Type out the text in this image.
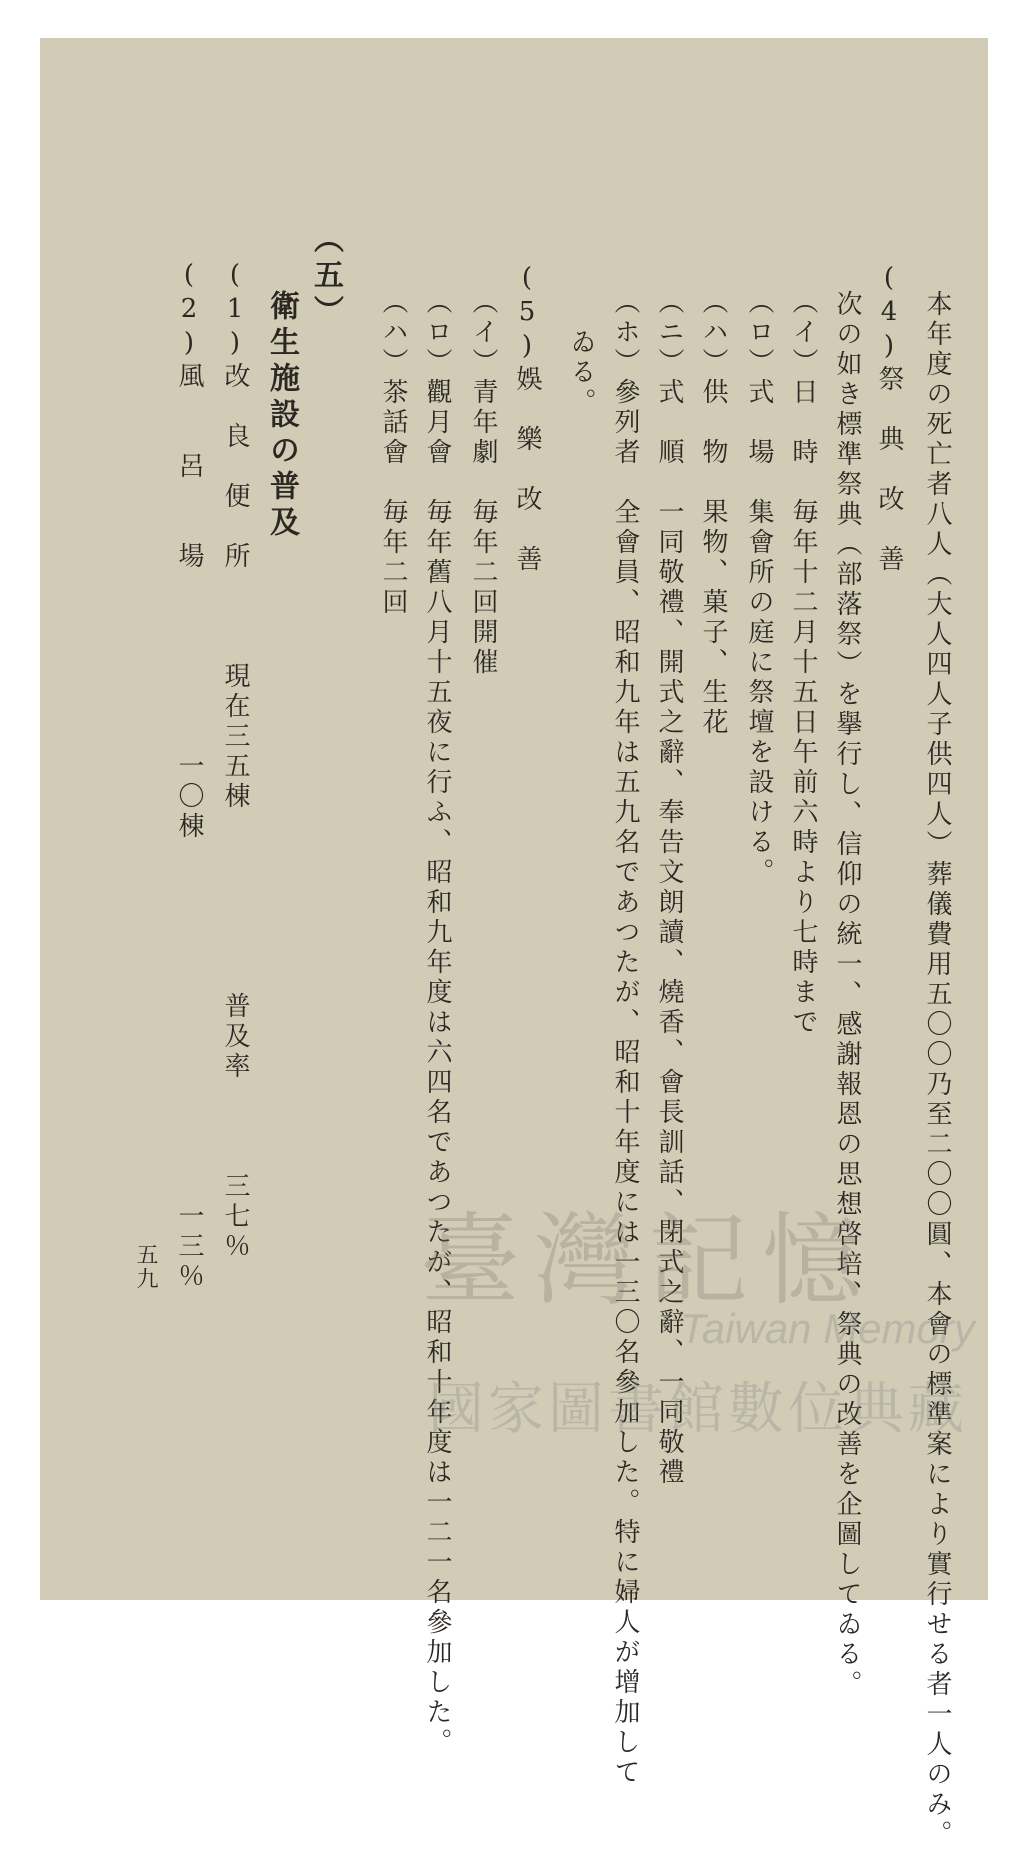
本年度の死亡者八人（大人四人子供四人）葬儀費用五〇〇乃至二〇〇圓、本會の標準案により實行せる者一人のみ。
(4)祭　典　改　善
次の如き標準祭典（部落祭）を擧行し、信仰の統一、感謝報恩の思想啓培、祭典の改善を企圖してゐる。
（イ）日　時　毎年十二月十五日午前六時より七時まで
（ロ）式　場　集會所の庭に祭壇を設ける。
（ハ）供　物　果物、菓子、生花
（ニ）式　順　一同敬禮、開式之辭、奉告文朗讀、燒香、會長訓話、閉式之辭、一同敬禮
（ホ）參列者　全會員、昭和九年は五九名であつたが、昭和十年度には一三〇名參加した。特に婦人が增加して
ゐる。
(5)娛　樂　改　善
（イ）青年劇　毎年二回開催
（ロ）觀月會　毎年舊八月十五夜に行ふ、昭和九年度は六四名であつたが、昭和十年度は一二一名參加した。
（ハ）茶話會　毎年二回
（五）
衛生施設の普及
(1)改　良　便　所　　　現在三五棟　　　　　　普及率　　　三七％
(2)風　　呂　　場　　　　　　一〇棟　　　　　　　　　　　　一三％
五九	臺灣記憶
Taiwan Memory
國家圖書館數位典藏
